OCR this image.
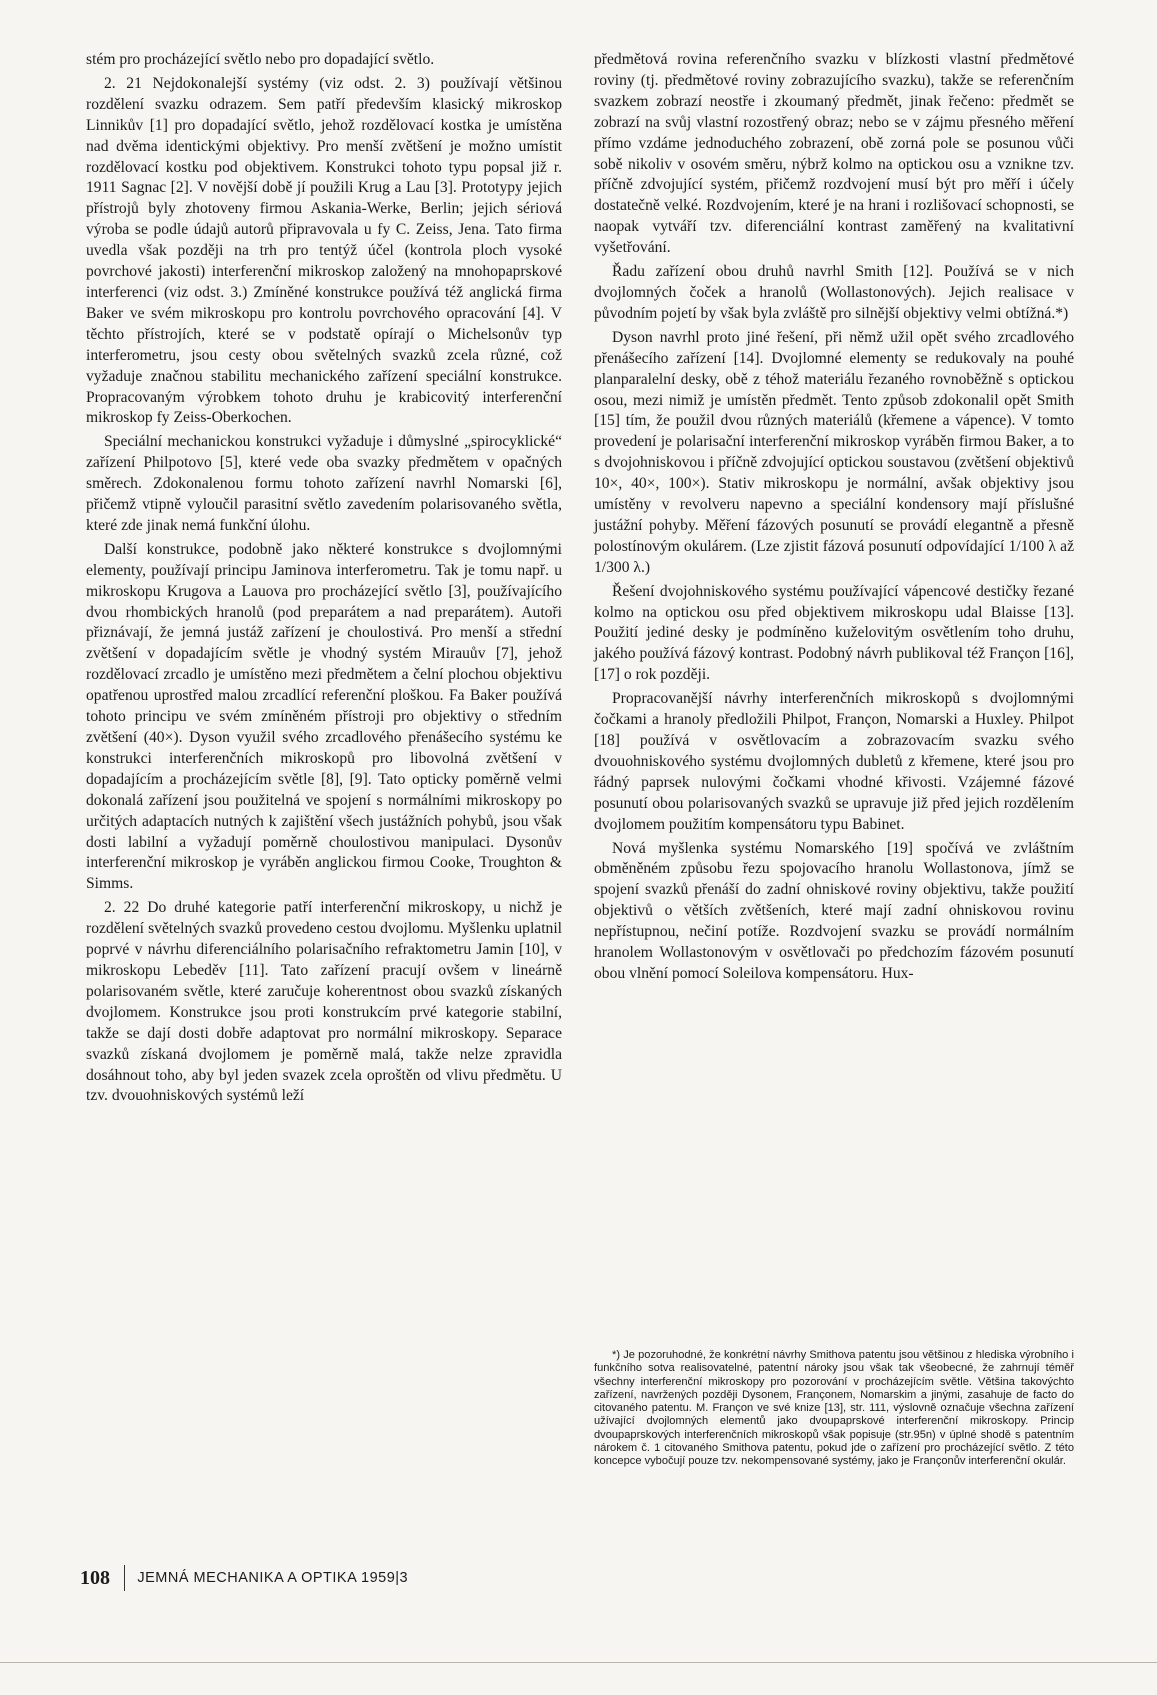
stém pro procházející světlo nebo pro dopadající světlo.

2. 21 Nejdokonalejší systémy (viz odst. 2. 3) používají většinou rozdělení svazku odrazem. Sem patří především klasický mikroskop Linnikův [1] pro dopadající světlo, jehož rozdělovací kostka je umístěna nad dvěma identickými objektivy. Pro menší zvětšení je možno umístit rozdělovací kostku pod objektivem. Konstrukci tohoto typu popsal již r. 1911 Sagnac [2]. V novější době jí použili Krug a Lau [3]. Prototypy jejich přístrojů byly zhotoveny firmou Askania-Werke, Berlin; jejich sériová výroba se podle údajů autorů připravovala u fy C. Zeiss, Jena. Tato firma uvedla však později na trh pro tentýž účel (kontrola ploch vysoké povrchové jakosti) interferenční mikroskop založený na mnohopaprskové interferenci (viz odst. 3.) Zmíněné konstrukce používá též anglická firma Baker ve svém mikroskopu pro kontrolu povrchového opracování [4]. V těchto přístrojích, které se v podstatě opírají o Michelsonův typ interferometru, jsou cesty obou světelných svazků zcela různé, což vyžaduje značnou stabilitu mechanického zařízení speciální konstrukce. Propracovaným výrobkem tohoto druhu je krabicovitý interferenční mikroskop fy Zeiss-Oberkochen.

Speciální mechanickou konstrukci vyžaduje i důmyslné „spirocyklické“ zařízení Philpotovo [5], které vede oba svazky předmětem v opačných směrech. Zdokonalenou formu tohoto zařízení navrhl Nomarski [6], přičemž vtipně vyloučil parasitní světlo zavedením polarisovaného světla, které zde jinak nemá funkční úlohu.

Další konstrukce, podobně jako některé konstrukce s dvojlomnými elementy, používají principu Jaminova interferometru. Tak je tomu např. u mikroskopu Krugova a Lauova pro procházející světlo [3], používajícího dvou rhombických hranolů (pod preparátem a nad preparátem). Autoři přiznávají, že jemná justáž zařízení je choulostivá. Pro menší a střední zvětšení v dopadajícím světle je vhodný systém Mirauův [7], jehož rozdělovací zrcadlo je umístěno mezi předmětem a čelní plochou objektivu opatřenou uprostřed malou zrcadlící referenční ploškou. Fa Baker používá tohoto principu ve svém zmíněném přístroji pro objektivy o středním zvětšení (40×). Dyson využil svého zrcadlového přenášecího systému ke konstrukci interferenčních mikroskopů pro libovolná zvětšení v dopadajícím a procházejícím světle [8], [9]. Tato opticky poměrně velmi dokonalá zařízení jsou použitelná ve spojení s normálními mikroskopy po určitých adaptacích nutných k zajištění všech justážních pohybů, jsou však dosti labilní a vyžadují poměrně choulostivou manipulaci. Dysonův interferenční mikroskop je vyráběn anglickou firmou Cooke, Troughton & Simms.

2. 22 Do druhé kategorie patří interferenční mikroskopy, u nichž je rozdělení světelných svazků provedeno cestou dvojlomu. Myšlenku uplatnil poprvé v návrhu diferenciálního polarisačního refraktometru Jamin [10], v mikroskopu Lebeděv [11]. Tato zařízení pracují ovšem v lineárně polarisovaném světle, které zaručuje koherentnost obou svazků získaných dvojlomem. Konstrukce jsou proti konstrukcím prvé kategorie stabilní, takže se dají dosti dobře adaptovat pro normální mikroskopy. Separace svazků získaná dvojlomem je poměrně malá, takže nelze zpravidla dosáhnout toho, aby byl jeden svazek zcela oproštěn od vlivu předmětu. U tzv. dvouohniskových systémů leží

předmětová rovina referenčního svazku v blízkosti vlastní předmětové roviny (tj. předmětové roviny zobrazujícího svazku), takže se referenčním svazkem zobrazí neostře i zkoumaný předmět, jinak řečeno: předmět se zobrazí na svůj vlastní rozostřený obraz; nebo se v zájmu přesného měření přímo vzdáme jednoduchého zobrazení, obě zorná pole se posunou vůči sobě nikoliv v osovém směru, nýbrž kolmo na optickou osu a vznikne tzv. příčně zdvojující systém, přičemž rozdvojení musí být pro měří i účely dostatečně velké. Rozdvojením, které je na hrani i rozlišovací schopnosti, se naopak vytváří tzv. diferenciální kontrast zaměřený na kvalitativní vyšetřování.

Řadu zařízení obou druhů navrhl Smith [12]. Používá se v nich dvojlomných čoček a hranolů (Wollastonových). Jejich realisace v původním pojetí by však byla zvláště pro silnější objektivy velmi obtížná.*)

Dyson navrhl proto jiné řešení, při němž užil opět svého zrcadlového přenášecího zařízení [14]. Dvojlomné elementy se redukovaly na pouhé planparalelní desky, obě z téhož materiálu řezaného rovnoběžně s optickou osou, mezi nimiž je umístěn předmět. Tento způsob zdokonalil opět Smith [15] tím, že použil dvou různých materiálů (křemene a vápence). V tomto provedení je polarisační interferenční mikroskop vyráběn firmou Baker, a to s dvojohniskovou i příčně zdvojující optickou soustavou (zvětšení objektivů 10×, 40×, 100×). Stativ mikroskopu je normální, avšak objektivy jsou umístěny v revolveru napevno a speciální kondensory mají příslušné justážní pohyby. Měření fázových posunutí se provádí elegantně a přesně polostínovým okulárem. (Lze zjistit fázová posunutí odpovídající 1/100 λ až 1/300 λ.)

Řešení dvojohniskového systému používající vápencové destičky řezané kolmo na optickou osu před objektivem mikroskopu udal Blaisse [13]. Použití jediné desky je podmíněno kuželovitým osvětlením toho druhu, jakého používá fázový kontrast. Podobný návrh publikoval též Françon [16], [17] o rok později.

Propracovanější návrhy interferenčních mikroskopů s dvojlomnými čočkami a hranoly předložili Philpot, Françon, Nomarski a Huxley. Philpot [18] používá v osvětlovacím a zobrazovacím svazku svého dvouohniskového systému dvojlomných dubletů z křemene, které jsou pro řádný paprsek nulovými čočkami vhodné křivosti. Vzájemné fázové posunutí obou polarisovaných svazků se upravuje již před jejich rozdělením dvojlomem použitím kompensátoru typu Babinet.

Nová myšlenka systému Nomarského [19] spočívá ve zvláštním obměněném způsobu řezu spojovacího hranolu Wollastonova, jímž se spojení svazků přenáší do zadní ohniskové roviny objektivu, takže použití objektivů o větších zvětšeních, které mají zadní ohniskovou rovinu nepřístupnou, nečiní potíže. Rozdvojení svazku se provádí normálním hranolem Wollastonovým v osvětlovači po předchozím fázovém posunutí obou vlnění pomocí Soleilova kompensátoru. Hux-

*) Je pozoruhodné, že konkrétní návrhy Smithova patentu jsou většinou z hlediska výrobního i funkčního sotva realisovatelné, patentní nároky jsou však tak všeobecné, že zahrnují téměř všechny interferenční mikroskopy pro pozorování v procházejícím světle. Většina takovýchto zařízení, navržených později Dysonem, Françonem, Nomarskim a jinými, zasahuje de facto do citovaného patentu. M. Françon ve své knize [13], str. 111, výslovně označuje všechna zařízení užívající dvojlomných elementů jako dvoupaprskové interferenční mikroskopy. Princip dvoupaprskových interferenčních mikroskopů však popisuje (str.95n) v úplné shodě s patentním nárokem č. 1 citovaného Smithova patentu, pokud jde o zařízení pro procházející světlo. Z této koncepce vybočují pouze tzv. nekompensované systémy, jako je Françonův interferenční okulár.

108 JEMNÁ MECHANIKA A OPTIKA 1959|3
